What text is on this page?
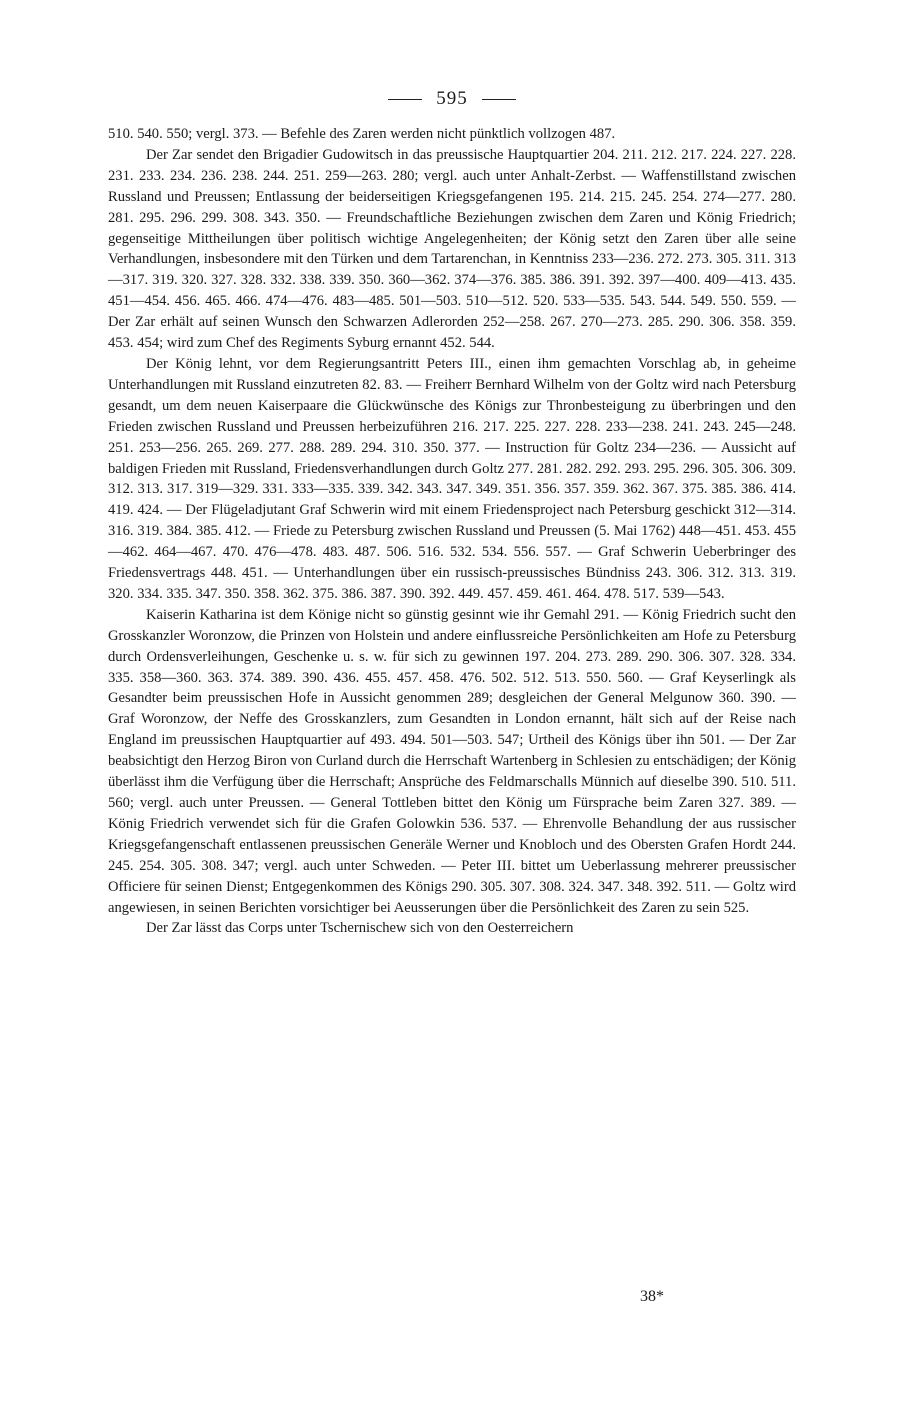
595

510. 540. 550; vergl. 373. — Befehle des Zaren werden nicht pünktlich vollzogen 487.

Der Zar sendet den Brigadier Gudowitsch in das preussische Hauptquartier 204. 211. 212. 217. 224. 227. 228. 231. 233. 234. 236. 238. 244. 251. 259—263. 280; vergl. auch unter Anhalt-Zerbst. — Waffenstillstand zwischen Russland und Preussen; Entlassung der beiderseitigen Kriegsgefangenen 195. 214. 215. 245. 254. 274—277. 280. 281. 295. 296. 299. 308. 343. 350. — Freundschaftliche Beziehungen zwischen dem Zaren und König Friedrich; gegenseitige Mittheilungen über politisch wichtige Angelegenheiten; der König setzt den Zaren über alle seine Verhandlungen, insbesondere mit den Türken und dem Tartarenchan, in Kenntniss 233—236. 272. 273. 305. 311. 313—317. 319. 320. 327. 328. 332. 338. 339. 350. 360—362. 374—376. 385. 386. 391. 392. 397—400. 409—413. 435. 451—454. 456. 465. 466. 474—476. 483—485. 501—503. 510—512. 520. 533—535. 543. 544. 549. 550. 559. — Der Zar erhält auf seinen Wunsch den Schwarzen Adlerorden 252—258. 267. 270—273. 285. 290. 306. 358. 359. 453. 454; wird zum Chef des Regiments Syburg ernannt 452. 544.

Der König lehnt, vor dem Regierungsantritt Peters III., einen ihm gemachten Vorschlag ab, in geheime Unterhandlungen mit Russland einzutreten 82. 83. — Freiherr Bernhard Wilhelm von der Goltz wird nach Petersburg gesandt, um dem neuen Kaiserpaare die Glückwünsche des Königs zur Thronbesteigung zu überbringen und den Frieden zwischen Russland und Preussen herbeizuführen 216. 217. 225. 227. 228. 233—238. 241. 243. 245—248. 251. 253—256. 265. 269. 277. 288. 289. 294. 310. 350. 377. — Instruction für Goltz 234—236. — Aussicht auf baldigen Frieden mit Russland, Friedensverhandlungen durch Goltz 277. 281. 282. 292. 293. 295. 296. 305. 306. 309. 312. 313. 317. 319—329. 331. 333—335. 339. 342. 343. 347. 349. 351. 356. 357. 359. 362. 367. 375. 385. 386. 414. 419. 424. — Der Flügeladjutant Graf Schwerin wird mit einem Friedensproject nach Petersburg geschickt 312—314. 316. 319. 384. 385. 412. — Friede zu Petersburg zwischen Russland und Preussen (5. Mai 1762) 448—451. 453. 455—462. 464—467. 470. 476—478. 483. 487. 506. 516. 532. 534. 556. 557. — Graf Schwerin Ueberbringer des Friedensvertrags 448. 451. — Unterhandlungen über ein russisch-preussisches Bündniss 243. 306. 312. 313. 319. 320. 334. 335. 347. 350. 358. 362. 375. 386. 387. 390. 392. 449. 457. 459. 461. 464. 478. 517. 539—543.

Kaiserin Katharina ist dem Könige nicht so günstig gesinnt wie ihr Gemahl 291. — König Friedrich sucht den Grosskanzler Woronzow, die Prinzen von Holstein und andere einflussreiche Persönlichkeiten am Hofe zu Petersburg durch Ordensverleihungen, Geschenke u. s. w. für sich zu gewinnen 197. 204. 273. 289. 290. 306. 307. 328. 334. 335. 358—360. 363. 374. 389. 390. 436. 455. 457. 458. 476. 502. 512. 513. 550. 560. — Graf Keyserlingk als Gesandter beim preussischen Hofe in Aussicht genommen 289; desgleichen der General Melgunow 360. 390. — Graf Woronzow, der Neffe des Grosskanzlers, zum Gesandten in London ernannt, hält sich auf der Reise nach England im preussischen Hauptquartier auf 493. 494. 501—503. 547; Urtheil des Königs über ihn 501. — Der Zar beabsichtigt den Herzog Biron von Curland durch die Herrschaft Wartenberg in Schlesien zu entschädigen; der König überlässt ihm die Verfügung über die Herrschaft; Ansprüche des Feldmarschalls Münnich auf dieselbe 390. 510. 511. 560; vergl. auch unter Preussen. — General Tottleben bittet den König um Fürsprache beim Zaren 327. 389. — König Friedrich verwendet sich für die Grafen Golowkin 536. 537. — Ehrenvolle Behandlung der aus russischer Kriegsgefangenschaft entlassenen preussischen Generäle Werner und Knobloch und des Obersten Grafen Hordt 244. 245. 254. 305. 308. 347; vergl. auch unter Schweden. — Peter III. bittet um Ueberlassung mehrerer preussischer Officiere für seinen Dienst; Entgegenkommen des Königs 290. 305. 307. 308. 324. 347. 348. 392. 511. — Goltz wird angewiesen, in seinen Berichten vorsichtiger bei Aeusserungen über die Persönlichkeit des Zaren zu sein 525.

Der Zar lässt das Corps unter Tschernischew sich von den Oesterreichern

38*
